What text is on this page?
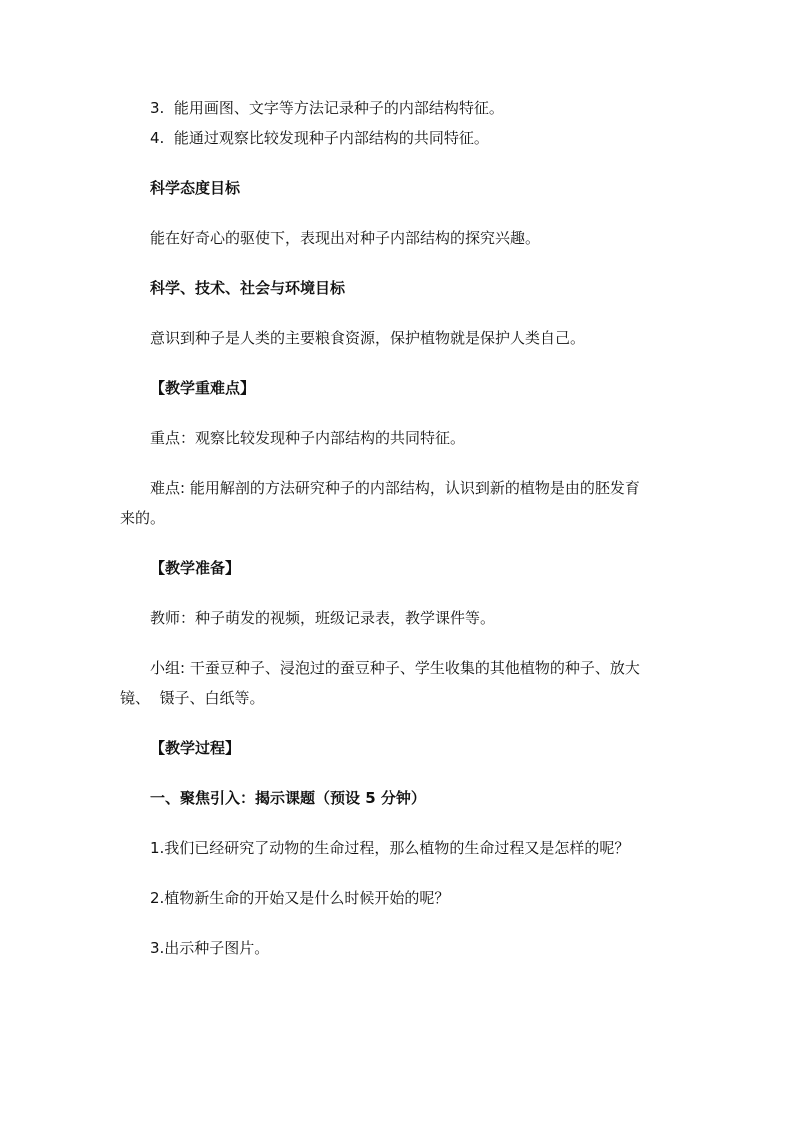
3.  能用画图、文字等方法记录种子的内部结构特征。
4.  能通过观察比较发现种子内部结构的共同特征。
科学态度目标
能在好奇心的驱使下，表现出对种子内部结构的探究兴趣。
科学、技术、社会与环境目标
意识到种子是人类的主要粮食资源，保护植物就是保护人类自己。
【教学重难点】
重点：观察比较发现种子内部结构的共同特征。
难点: 能用解剖的方法研究种子的内部结构，认识到新的植物是由的胚发育
来的。
【教学准备】
教师：种子萌发的视频，班级记录表，教学课件等。
小组: 干蚕豆种子、浸泡过的蚕豆种子、学生收集的其他植物的种子、放大
镜、  镊子、白纸等。
【教学过程】
一、聚焦引入：揭示课题（预设 5 分钟）
1.我们已经研究了动物的生命过程，那么植物的生命过程又是怎样的呢？
2.植物新生命的开始又是什么时候开始的呢？
3.出示种子图片。
